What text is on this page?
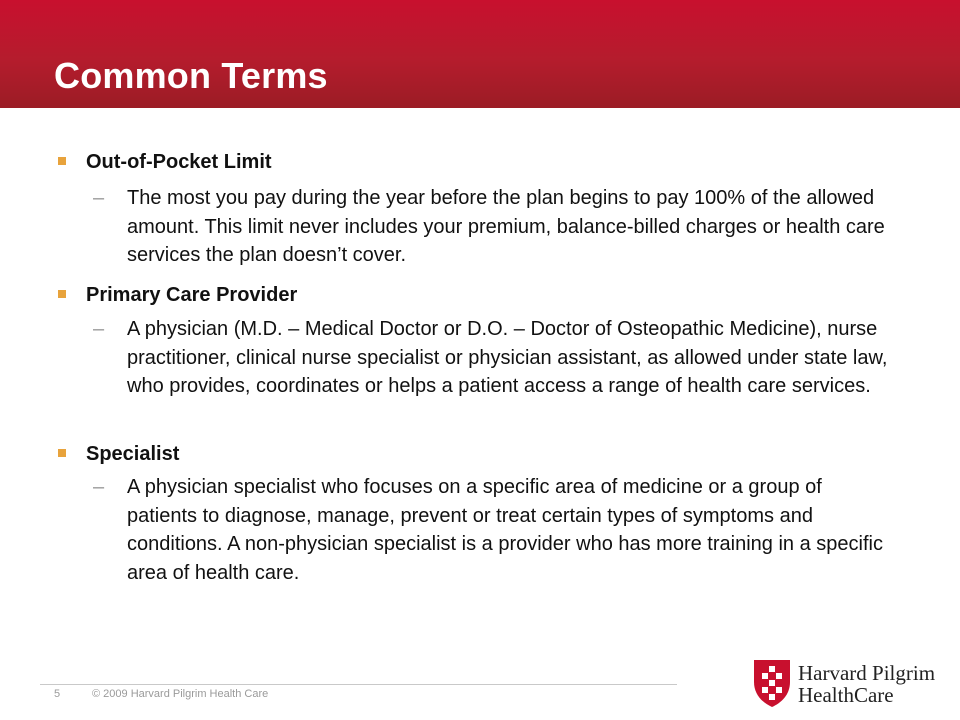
Common Terms
Out-of-Pocket Limit
– The most you pay during the year before the plan begins to pay 100% of the allowed amount. This limit never includes your premium, balance-billed charges or health care services the plan doesn’t cover.
Primary Care Provider
– A physician (M.D. – Medical Doctor or D.O. – Doctor of Osteopathic Medicine), nurse practitioner, clinical nurse specialist or physician assistant, as allowed under state law, who provides, coordinates or helps a patient access a range of health care services.
Specialist
– A physician specialist who focuses on a specific area of medicine or a group of patients to diagnose, manage, prevent or treat certain types of symptoms and conditions. A non-physician specialist is a provider who has more training in a specific area of health care.
5	© 2009 Harvard Pilgrim Health Care
Harvard Pilgrim
HealthCare
